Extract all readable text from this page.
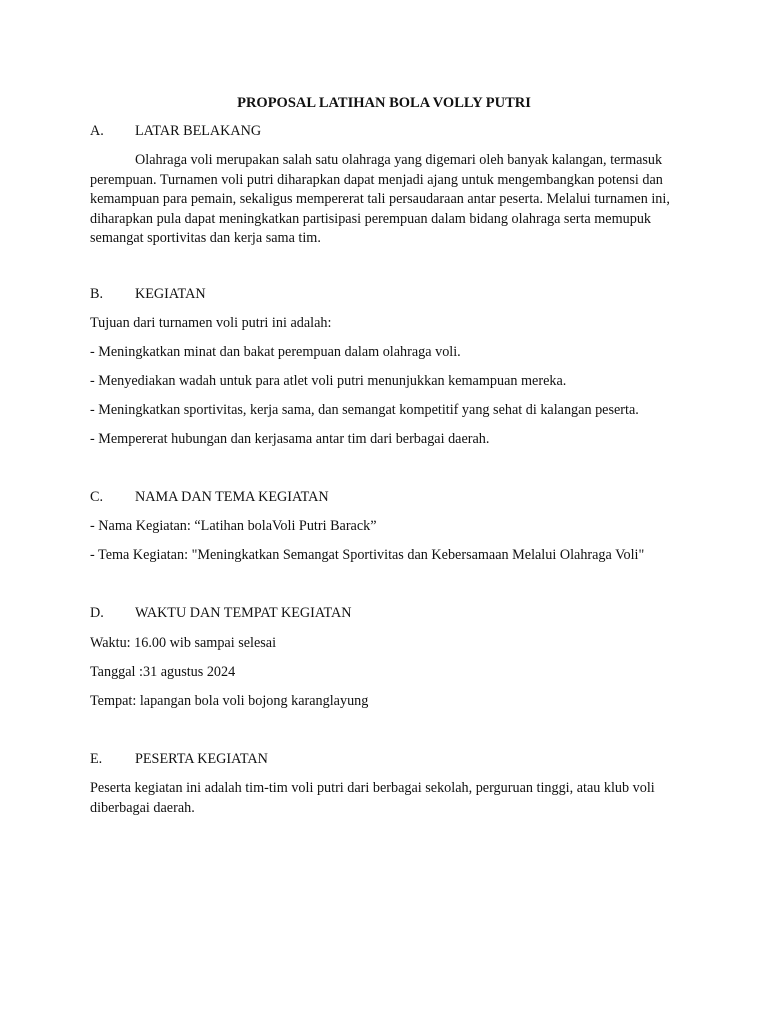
PROPOSAL LATIHAN BOLA VOLLY PUTRI
A. LATAR BELAKANG
Olahraga voli merupakan salah satu olahraga yang digemari oleh banyak kalangan, termasuk perempuan. Turnamen voli putri diharapkan dapat menjadi ajang untuk mengembangkan potensi dan kemampuan para pemain, sekaligus mempererat tali persaudaraan antar peserta. Melalui turnamen ini, diharapkan pula dapat meningkatkan partisipasi perempuan dalam bidang olahraga serta memupuk semangat sportivitas dan kerja sama tim.
B. KEGIATAN
Tujuan dari turnamen voli putri ini adalah:
- Meningkatkan minat dan bakat perempuan dalam olahraga voli.
- Menyediakan wadah untuk para atlet voli putri menunjukkan kemampuan mereka.
- Meningkatkan sportivitas, kerja sama, dan semangat kompetitif yang sehat di kalangan peserta.
- Mempererat hubungan dan kerjasama antar tim dari berbagai daerah.
C. NAMA DAN TEMA KEGIATAN
- Nama Kegiatan: “Latihan bolaVoli Putri Barack”
- Tema Kegiatan: "Meningkatkan Semangat Sportivitas dan Kebersamaan Melalui Olahraga Voli"
D. WAKTU DAN TEMPAT KEGIATAN
Waktu: 16.00 wib sampai selesai
Tanggal :31 agustus 2024
Tempat: lapangan bola voli bojong karanglayung
E. PESERTA KEGIATAN
Peserta kegiatan ini adalah tim-tim voli putri dari berbagai sekolah, perguruan tinggi, atau klub voli diberbagai daerah.
